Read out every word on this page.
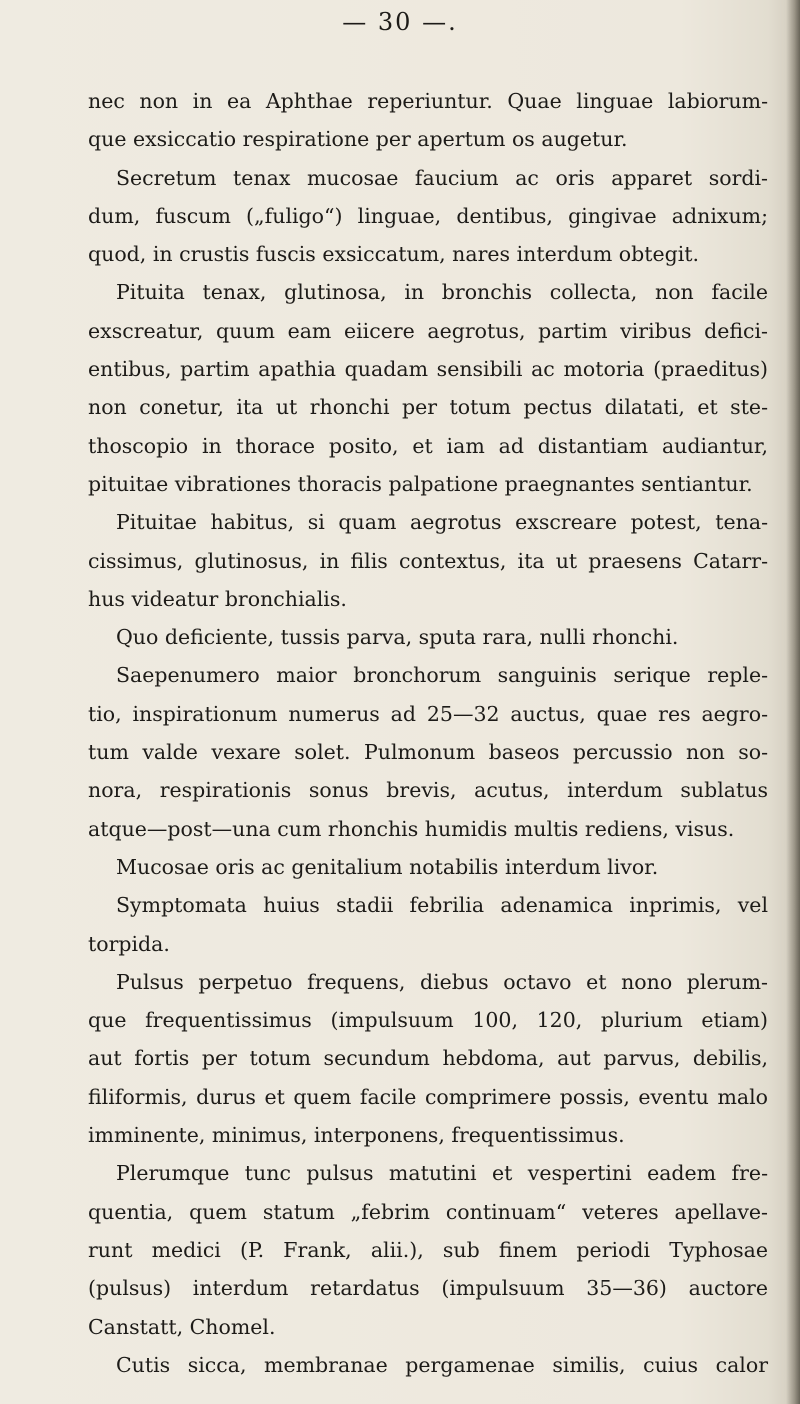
— 30 —.
nec non in ea Aphthae reperiuntur. Quae linguae labiorum-
que exsiccatio respiratione per apertum os augetur.
Secretum tenax mucosae faucium ac oris apparet sordi-
dum, fuscum („fuligo“) linguae, dentibus, gingivae adnixum;
quod, in crustis fuscis exsiccatum, nares interdum obtegit.
Pituita tenax, glutinosa, in bronchis collecta, non facile
exscreatur, quum eam eiicere aegrotus, partim viribus defici-
entibus, partim apathia quadam sensibili ac motoria (praeditus)
non conetur, ita ut rhonchi per totum pectus dilatati, et ste-
thoscopio in thorace posito, et iam ad distantiam audiantur,
pituitae vibrationes thoracis palpatione praegnantes sentiantur.
Pituitae habitus, si quam aegrotus exscreare potest, tena-
cissimus, glutinosus, in filis contextus, ita ut praesens Catarr-
hus videatur bronchialis.
Quo deficiente, tussis parva, sputa rara, nulli rhonchi.
Saepenumero maior bronchorum sanguinis serique reple-
tio, inspirationum numerus ad 25—32 auctus, quae res aegro-
tum valde vexare solet. Pulmonum baseos percussio non so-
nora, respirationis sonus brevis, acutus, interdum sublatus
atque—post—una cum rhonchis humidis multis rediens, visus.
Mucosae oris ac genitalium notabilis interdum livor.
Symptomata huius stadii febrilia adenamica inprimis, vel
torpida.
Pulsus perpetuo frequens, diebus octavo et nono plerum-
que frequentissimus (impulsuum 100, 120, plurium etiam)
aut fortis per totum secundum hebdoma, aut parvus, debilis,
filiformis, durus et quem facile comprimere possis, eventu malo
imminente, minimus, interponens, frequentissimus.
Plerumque tunc pulsus matutini et vespertini eadem fre-
quentia, quem statum „febrim continuam“ veteres apellave-
runt medici (P. Frank, alii.), sub finem periodi Typhosae
(pulsus) interdum retardatus (impulsuum 35—36) auctore
Canstatt, Chomel.
Cutis sicca, membranae pergamenae similis, cuius calor
